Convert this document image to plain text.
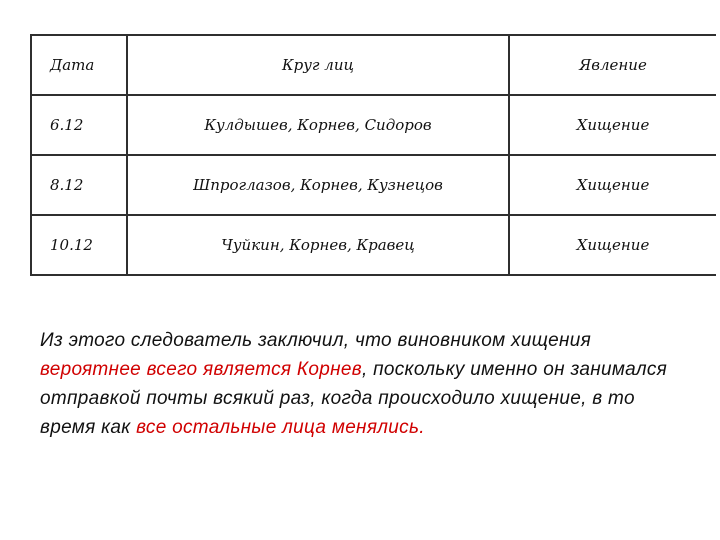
Дата	Круг лиц	Явление
6.12	Кулдышев, Корнев, Сидоров	Хищение
8.12	Шпроглазов, Корнев, Кузнецов	Хищение
10.12	Чуйкин, Корнев, Кравец	Хищение

Из этого следователь заключил, что виновником хищения вероятнее всего является Корнев, поскольку именно он занимался отправкой почты всякий раз, когда происходило хищение, в то время как все остальные лица менялись.
